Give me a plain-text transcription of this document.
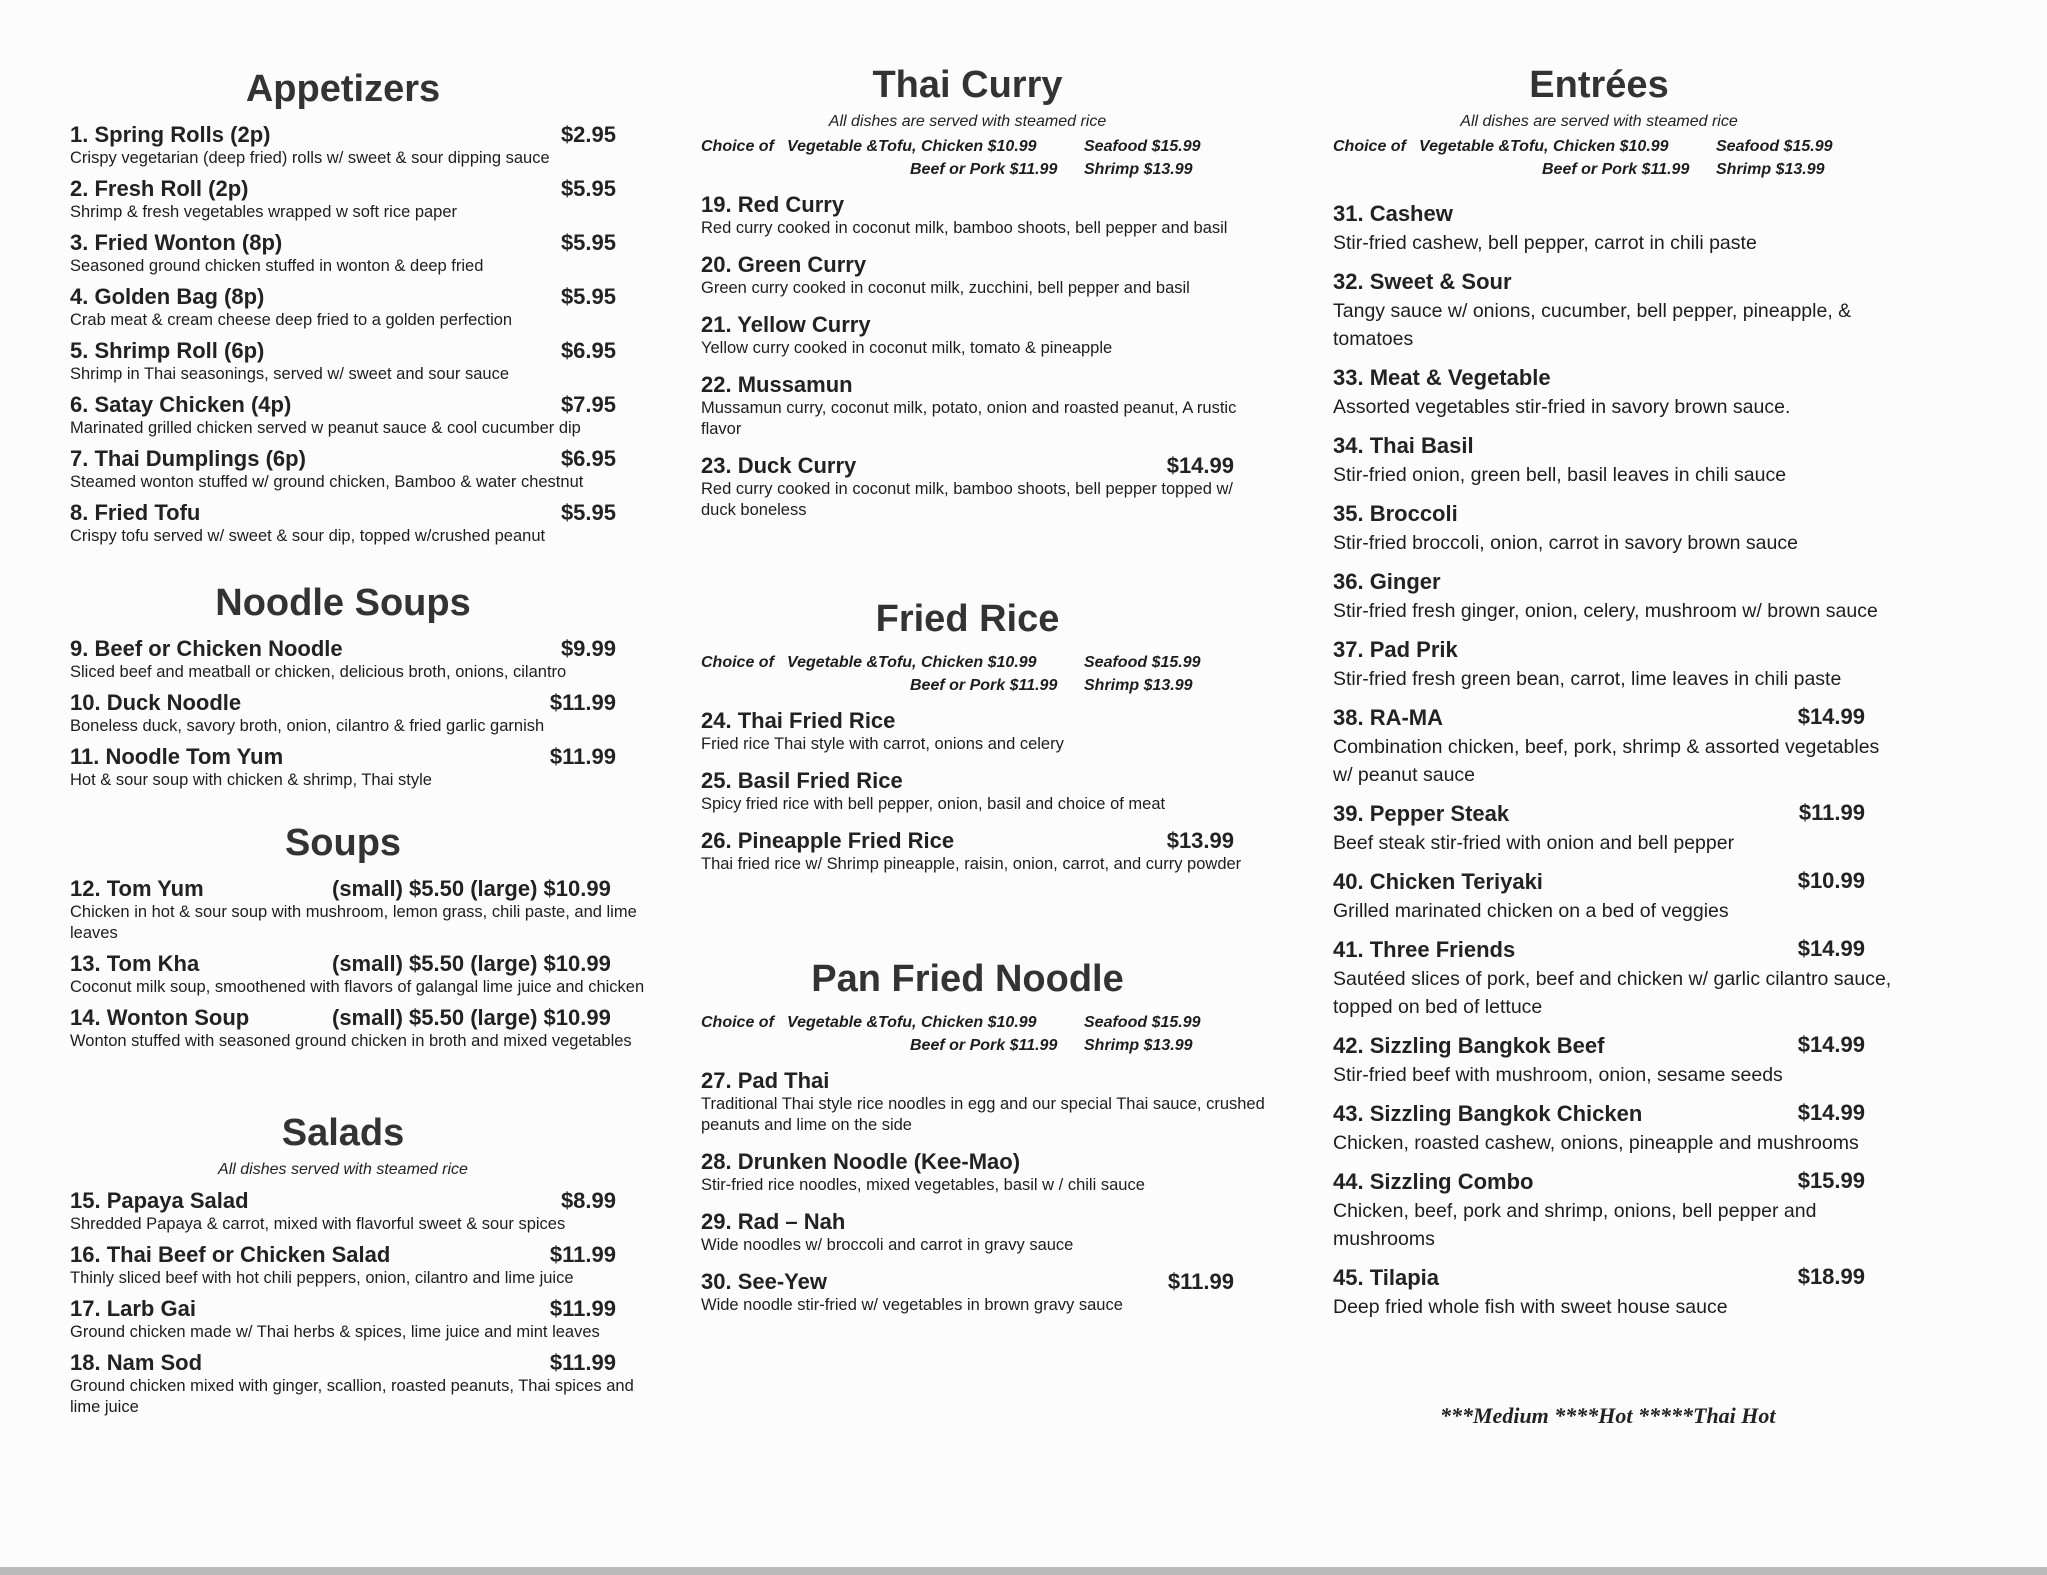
Appetizers
1. Spring Rolls (2p)	$2.95
Crispy vegetarian (deep fried) rolls w/ sweet & sour dipping sauce
2. Fresh Roll (2p)	$5.95
Shrimp & fresh vegetables wrapped w soft rice paper
3. Fried Wonton (8p)	$5.95
Seasoned ground chicken stuffed in wonton & deep fried
4. Golden Bag (8p)	$5.95
Crab meat & cream cheese deep fried to a golden perfection
5. Shrimp Roll (6p)	$6.95
Shrimp in Thai seasonings, served w/ sweet and sour sauce
6. Satay Chicken (4p)	$7.95
Marinated grilled chicken served w peanut sauce & cool cucumber dip
7. Thai Dumplings (6p)	$6.95
Steamed wonton stuffed w/ ground chicken, Bamboo & water chestnut
8. Fried Tofu	$5.95
Crispy tofu served w/ sweet & sour dip, topped w/crushed peanut
Noodle Soups
9. Beef or Chicken Noodle	$9.99
Sliced beef and meatball or chicken, delicious broth, onions, cilantro
10. Duck Noodle	$11.99
Boneless duck, savory broth, onion, cilantro & fried garlic garnish
11. Noodle Tom Yum	$11.99
Hot & sour soup with chicken & shrimp, Thai style
Soups
12. Tom Yum	(small) $5.50 (large) $10.99
Chicken in hot & sour soup with mushroom, lemon grass, chili paste, and lime leaves
13. Tom Kha	(small) $5.50 (large) $10.99
Coconut milk soup, smoothened with flavors of galangal lime juice and chicken
14. Wonton Soup	(small) $5.50 (large) $10.99
Wonton stuffed with seasoned ground chicken in broth and mixed vegetables
Salads
All dishes served with steamed rice
15. Papaya Salad	$8.99
Shredded Papaya & carrot, mixed with flavorful sweet & sour spices
16. Thai Beef or Chicken Salad	$11.99
Thinly sliced beef with hot chili peppers, onion, cilantro and lime juice
17. Larb Gai	$11.99
Ground chicken made w/ Thai herbs & spices, lime juice and mint leaves
18. Nam Sod	$11.99
Ground chicken mixed with ginger, scallion, roasted peanuts, Thai spices and lime juice
Thai Curry
All dishes are served with steamed rice
Choice of Vegetable &Tofu, Chicken $10.99	Seafood $15.99
Beef or Pork $11.99 Shrimp $13.99
19. Red Curry
Red curry cooked in coconut milk, bamboo shoots, bell pepper and basil
20. Green Curry
Green curry cooked in coconut milk, zucchini, bell pepper and basil
21. Yellow Curry
Yellow curry cooked in coconut milk, tomato & pineapple
22. Mussamun
Mussamun curry, coconut milk, potato, onion and roasted peanut, A rustic flavor
23. Duck Curry	$14.99
Red curry cooked in coconut milk, bamboo shoots, bell pepper topped w/ duck boneless
Fried Rice
Choice of Vegetable &Tofu, Chicken $10.99	Seafood $15.99
Beef or Pork $11.99 Shrimp $13.99
24. Thai Fried Rice
Fried rice Thai style with carrot, onions and celery
25. Basil Fried Rice
Spicy fried rice with bell pepper, onion, basil and choice of meat
26. Pineapple Fried Rice	$13.99
Thai fried rice w/ Shrimp pineapple, raisin, onion, carrot, and curry powder
Pan Fried Noodle
Choice of Vegetable &Tofu, Chicken $10.99	Seafood $15.99
Beef or Pork $11.99 Shrimp $13.99
27. Pad Thai
Traditional Thai style rice noodles in egg and our special Thai sauce, crushed peanuts and lime on the side
28. Drunken Noodle (Kee-Mao)
Stir-fried rice noodles, mixed vegetables, basil w / chili sauce
29. Rad – Nah
Wide noodles w/ broccoli and carrot in gravy sauce
30. See-Yew	$11.99
Wide noodle stir-fried w/ vegetables in brown gravy sauce
Entrées
All dishes are served with steamed rice
Choice of Vegetable &Tofu, Chicken $10.99	Seafood $15.99
Beef or Pork $11.99 Shrimp $13.99
31. Cashew
Stir-fried cashew, bell pepper, carrot in chili paste
32. Sweet & Sour
Tangy sauce w/ onions, cucumber, bell pepper, pineapple, & tomatoes
33. Meat & Vegetable
Assorted vegetables stir-fried in savory brown sauce.
34. Thai Basil
Stir-fried onion, green bell, basil leaves in chili sauce
35. Broccoli
Stir-fried broccoli, onion, carrot in savory brown sauce
36. Ginger
Stir-fried fresh ginger, onion, celery, mushroom w/ brown sauce
37. Pad Prik
Stir-fried fresh green bean, carrot, lime leaves in chili paste
38. RA-MA	$14.99
Combination chicken, beef, pork, shrimp & assorted vegetables w/ peanut sauce
39. Pepper Steak	$11.99
Beef steak stir-fried with onion and bell pepper
40. Chicken Teriyaki	$10.99
Grilled marinated chicken on a bed of veggies
41. Three Friends	$14.99
Sautéed slices of pork, beef and chicken w/ garlic cilantro sauce, topped on bed of lettuce
42. Sizzling Bangkok Beef	$14.99
Stir-fried beef with mushroom, onion, sesame seeds
43. Sizzling Bangkok Chicken	$14.99
Chicken, roasted cashew, onions, pineapple and mushrooms
44. Sizzling Combo	$15.99
Chicken, beef, pork and shrimp, onions, bell pepper and mushrooms
45. Tilapia	$18.99
Deep fried whole fish with sweet house sauce
***Medium ****Hot *****Thai Hot
